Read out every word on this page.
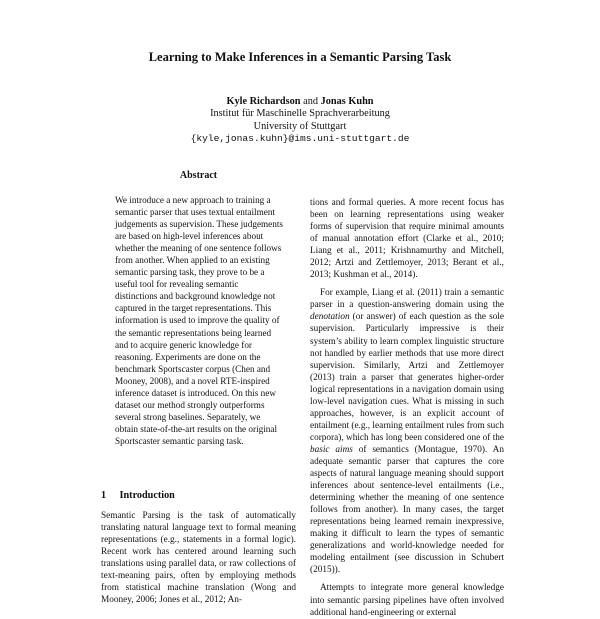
Learning to Make Inferences in a Semantic Parsing Task
Kyle Richardson and Jonas Kuhn
Institut für Maschinelle Sprachverarbeitung
University of Stuttgart
{kyle,jonas.kuhn}@ims.uni-stuttgart.de
Abstract
We introduce a new approach to training a semantic parser that uses textual entailment judgements as supervision. These judgements are based on high-level inferences about whether the meaning of one sentence follows from another. When applied to an existing semantic parsing task, they prove to be a useful tool for revealing semantic distinctions and background knowledge not captured in the target representations. This information is used to improve the quality of the semantic representations being learned and to acquire generic knowledge for reasoning. Experiments are done on the benchmark Sportscaster corpus (Chen and Mooney, 2008), and a novel RTE-inspired inference dataset is introduced. On this new dataset our method strongly outperforms several strong baselines. Separately, we obtain state-of-the-art results on the original Sportscaster semantic parsing task.
1 Introduction
Semantic Parsing is the task of automatically translating natural language text to formal meaning representations (e.g., statements in a formal logic). Recent work has centered around learning such translations using parallel data, or raw collections of text-meaning pairs, often by employing methods from statistical machine translation (Wong and Mooney, 2006; Jones et al., 2012; An-

tions and formal queries. A more recent focus has been on learning representations using weaker forms of supervision that require minimal amounts of manual annotation effort (Clarke et al., 2010; Liang et al., 2011; Krishnamurthy and Mitchell, 2012; Artzi and Zettlemoyer, 2013; Berant et al., 2013; Kushman et al., 2014).

For example, Liang et al. (2011) train a semantic parser in a question-answering domain using the denotation (or answer) of each question as the sole supervision. Particularly impressive is their system’s ability to learn complex linguistic structure not handled by earlier methods that use more direct supervision. Similarly, Artzi and Zettlemoyer (2013) train a parser that generates higher-order logical representations in a navigation domain using low-level navigation cues. What is missing in such approaches, however, is an explicit account of entailment (e.g., learning entailment rules from such corpora), which has long been considered one of the basic aims of semantics (Montague, 1970). An adequate semantic parser that captures the core aspects of natural language meaning should support inferences about sentence-level entailments (i.e., determining whether the meaning of one sentence follows from another). In many cases, the target representations being learned remain inexpressive, making it difficult to learn the types of semantic generalizations and world-knowledge needed for modeling entailment (see discussion in Schubert (2015)).

Attempts to integrate more general knowledge into semantic parsing pipelines have often involved additional hand-engineering or external
